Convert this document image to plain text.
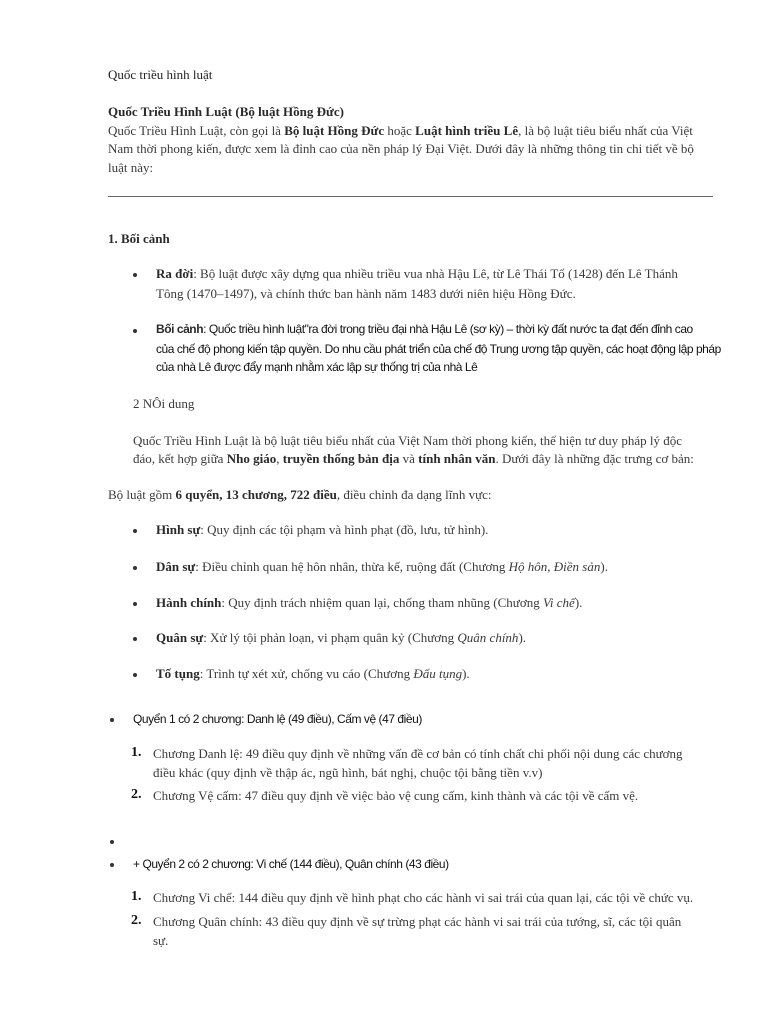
Quốc triều hình luật
Quốc Triều Hình Luật (Bộ luật Hồng Đức)
Quốc Triều Hình Luật, còn gọi là Bộ luật Hồng Đức hoặc Luật hình triều Lê, là bộ luật tiêu biểu nhất của Việt
Nam thời phong kiến, được xem là đỉnh cao của nền pháp lý Đại Việt. Dưới đây là những thông tin chi tiết về bộ
luật này:
1. Bối cảnh
Ra đời: Bộ luật được xây dựng qua nhiều triều vua nhà Hậu Lê, từ Lê Thái Tổ (1428) đến Lê Thánh
Tông (1470–1497), và chính thức ban hành năm 1483 dưới niên hiệu Hồng Đức.
Bối cảnh: Quốc triều hình luật"ra đời trong triều đại nhà Hậu Lê (sơ kỳ) – thời kỳ đất nước ta đạt đến đỉnh cao
của chế độ phong kiến tập quyền. Do nhu cầu phát triển của chế độ Trung ương tập quyền, các hoạt động lập pháp
của nhà Lê được đẩy mạnh nhằm xác lập sự thống trị của nhà Lê
2 NÔi dung
Quốc Triều Hình Luật là bộ luật tiêu biểu nhất của Việt Nam thời phong kiến, thể hiện tư duy pháp lý độc
đáo, kết hợp giữa Nho giáo, truyền thống bản địa và tính nhân văn. Dưới đây là những đặc trưng cơ bản:
Bộ luật gồm 6 quyển, 13 chương, 722 điều, điều chỉnh đa dạng lĩnh vực:
Hình sự: Quy định các tội phạm và hình phạt (đồ, lưu, tử hình).
Dân sự: Điều chỉnh quan hệ hôn nhân, thừa kế, ruộng đất (Chương Hộ hôn, Điền sản).
Hành chính: Quy định trách nhiệm quan lại, chống tham nhũng (Chương Vi chế).
Quân sự: Xử lý tội phản loạn, vi phạm quân kỷ (Chương Quân chính).
Tố tụng: Trình tự xét xử, chống vu cáo (Chương Đấu tụng).
Quyển 1 có 2 chương: Danh lệ (49 điều), Cấm vệ (47 điều)
1. Chương Danh lệ: 49 điều quy định về những vấn đề cơ bản có tính chất chi phối nội dung các chương
điều khác (quy định về thập ác, ngũ hình, bát nghị, chuộc tội bằng tiền v.v)
2. Chương Vệ cấm: 47 điều quy định về việc bảo vệ cung cấm, kinh thành và các tội về cấm vệ.
+ Quyển 2 có 2 chương: Vi chế (144 điều), Quân chính (43 điều)
1. Chương Vi chế: 144 điều quy định về hình phạt cho các hành vi sai trái của quan lại, các tội về chức vụ.
2. Chương Quân chính: 43 điều quy định về sự trừng phạt các hành vi sai trái của tướng, sĩ, các tội quân
sự.
